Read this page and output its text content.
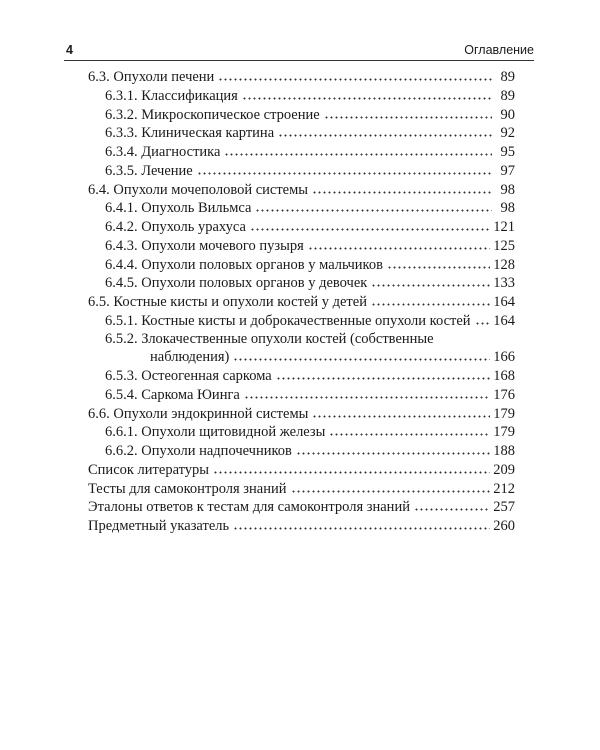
4	Оглавление
6.3. Опухоли печени	89
6.3.1. Классификация	89
6.3.2. Микроскопическое строение	90
6.3.3. Клиническая картина	92
6.3.4. Диагностика	95
6.3.5. Лечение	97
6.4. Опухоли мочеполовой системы	98
6.4.1. Опухоль Вильмса	98
6.4.2. Опухоль урахуса	121
6.4.3. Опухоли мочевого пузыря	125
6.4.4. Опухоли половых органов у мальчиков	128
6.4.5. Опухоли половых органов у девочек	133
6.5. Костные кисты и опухоли костей у детей	164
6.5.1. Костные кисты и доброкачественные опухоли костей 164
6.5.2. Злокачественные опухоли костей (собственные
наблюдения)	166
6.5.3. Остеогенная саркома	168
6.5.4. Саркома Юинга	176
6.6. Опухоли эндокринной системы	179
6.6.1. Опухоли щитовидной железы	179
6.6.2. Опухоли надпочечников	188
Список литературы	209
Тесты для самоконтроля знаний	212
Эталоны ответов к тестам для самоконтроля знаний	257
Предметный указатель	260
